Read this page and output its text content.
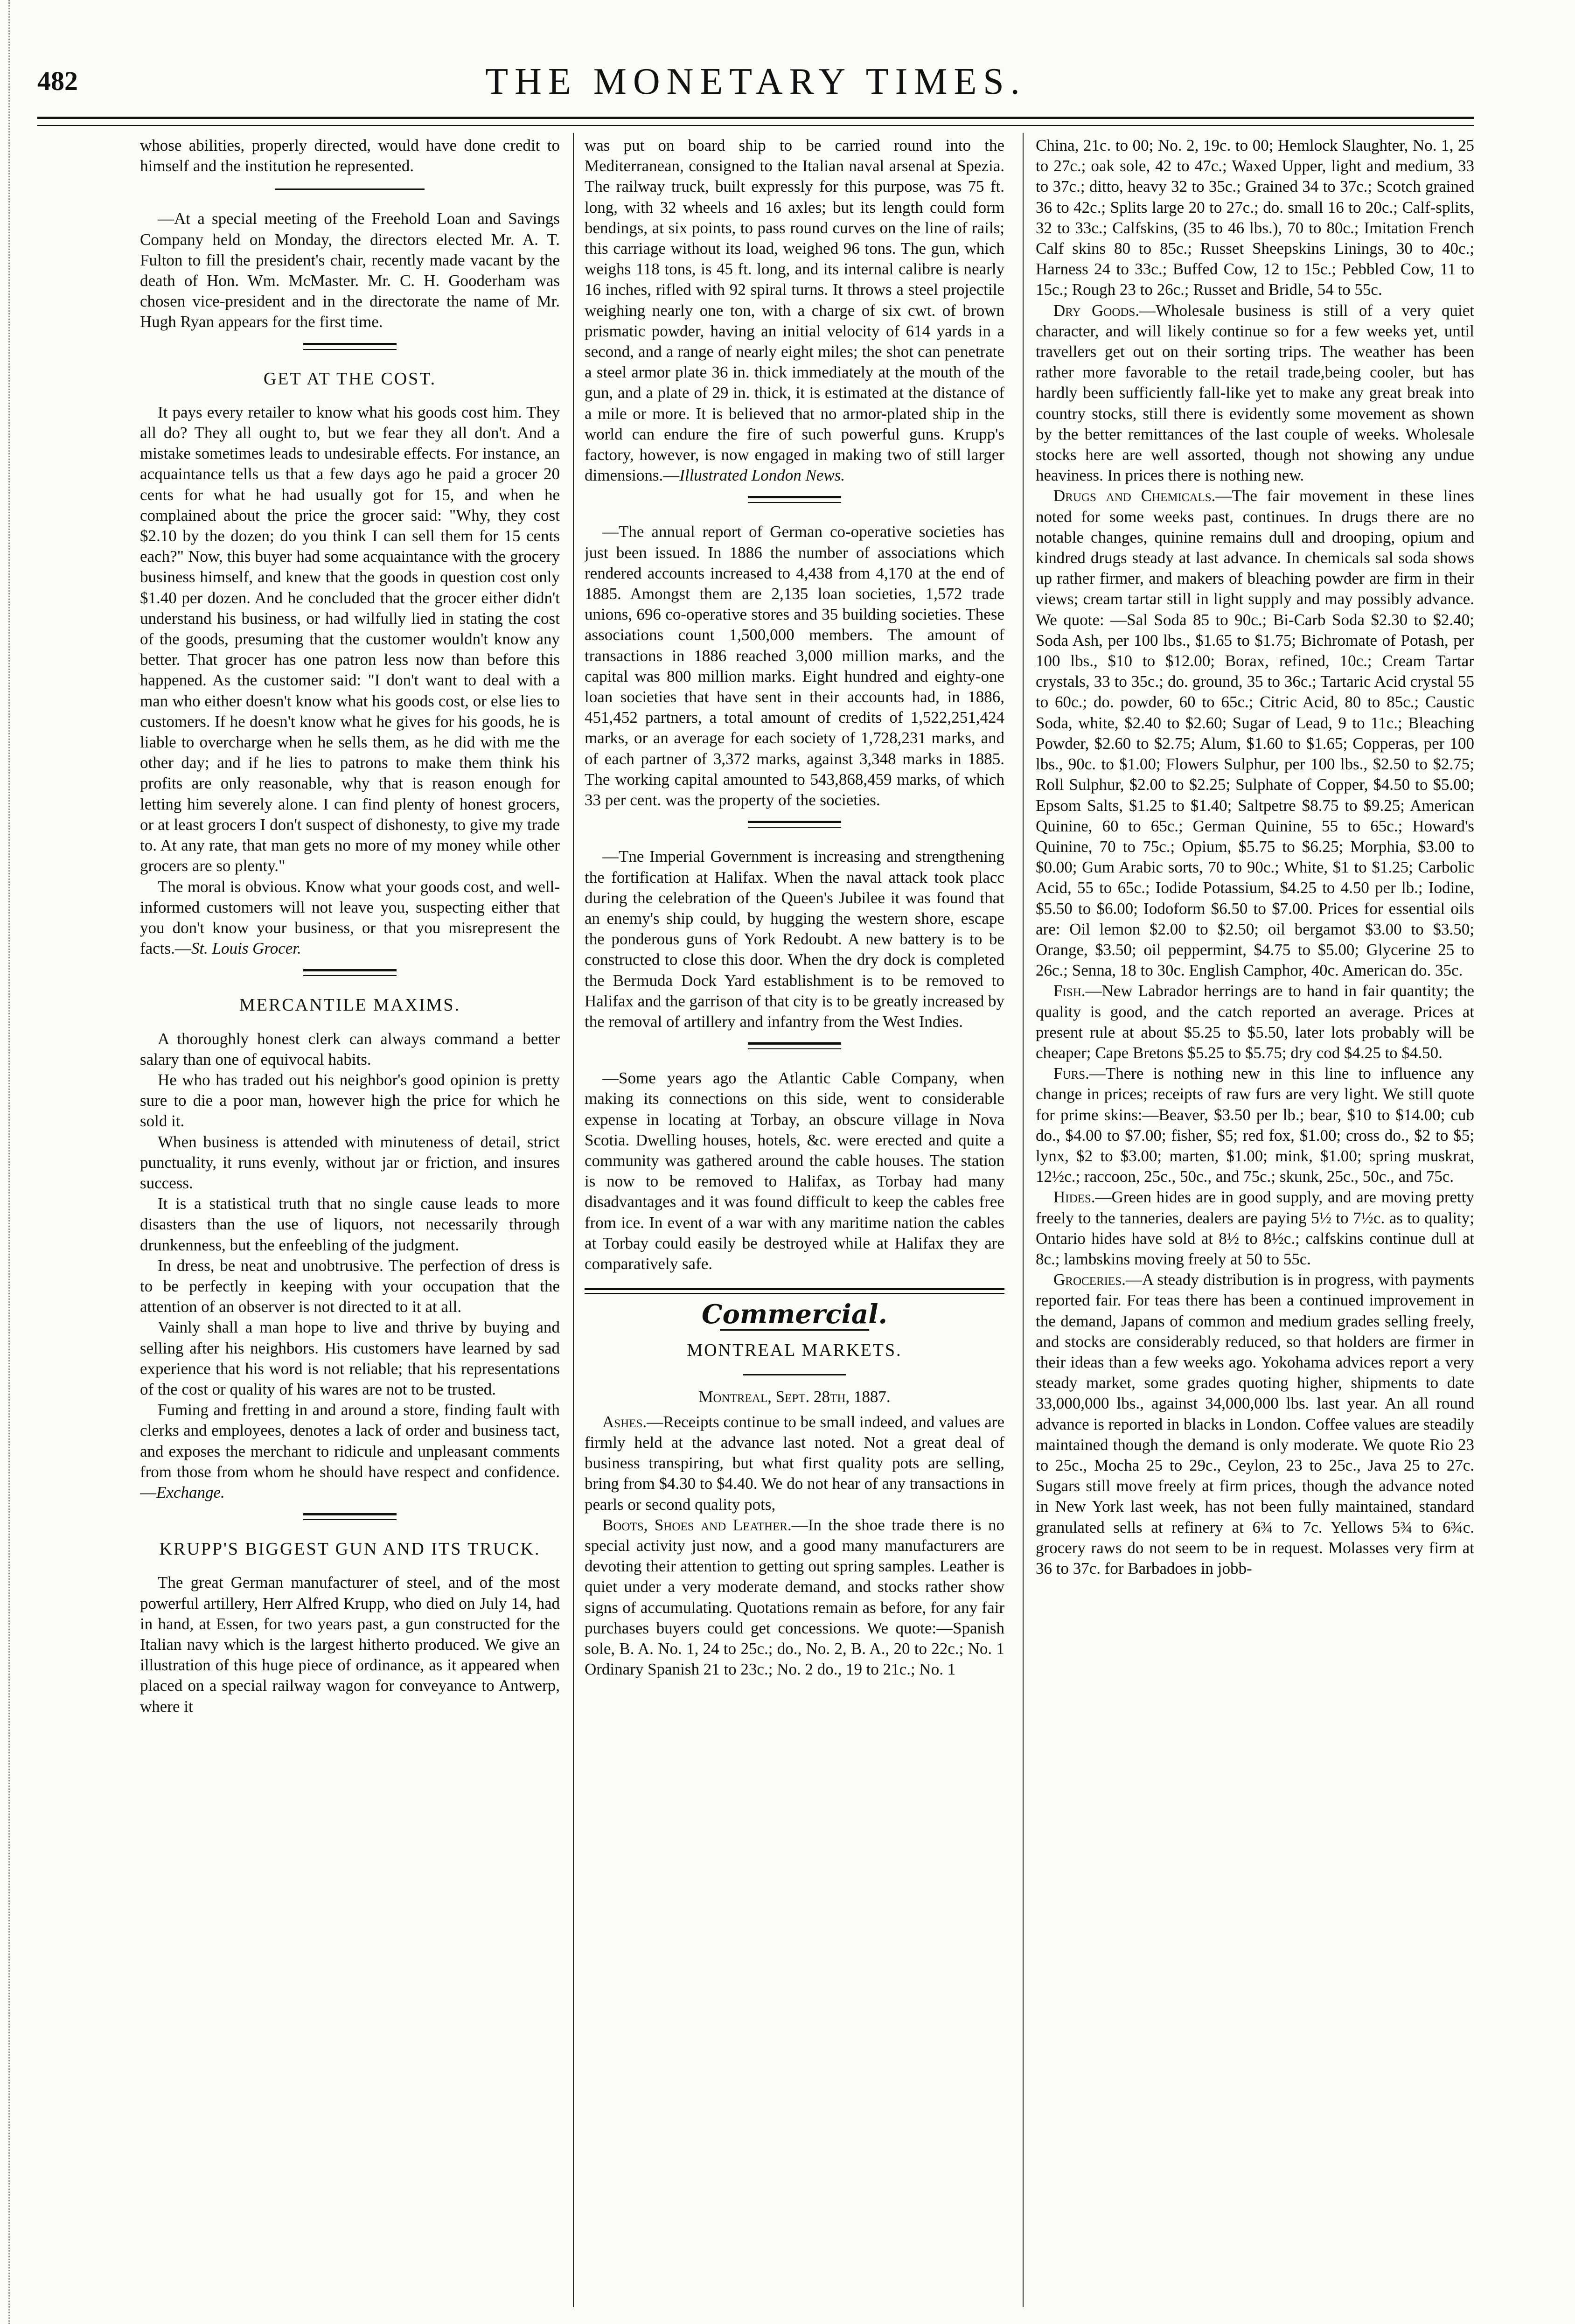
482	THE MONETARY TIMES.

whose abilities, properly directed, would have done credit to himself and the institution he represented.

—At a special meeting of the Freehold Loan and Savings Company held on Monday, the directors elected Mr. A. T. Fulton to fill the president's chair, recently made vacant by the death of Hon. Wm. McMaster. Mr. C. H. Gooderham was chosen vice-president and in the directorate the name of Mr. Hugh Ryan appears for the first time.

GET AT THE COST.

It pays every retailer to know what his goods cost him. They all do? They all ought to, but we fear they all don't. And a mistake sometimes leads to undesirable effects. For instance, an acquaintance tells us that a few days ago he paid a grocer 20 cents for what he had usually got for 15, and when he complained about the price the grocer said: "Why, they cost $2.10 by the dozen; do you think I can sell them for 15 cents each?" Now, this buyer had some acquaintance with the grocery business himself, and knew that the goods in question cost only $1.40 per dozen. And he concluded that the grocer either didn't understand his business, or had wilfully lied in stating the cost of the goods, presuming that the customer wouldn't know any better. That grocer has one patron less now than before this happened. As the customer said: "I don't want to deal with a man who either doesn't know what his goods cost, or else lies to customers. If he doesn't know what he gives for his goods, he is liable to overcharge when he sells them, as he did with me the other day; and if he lies to patrons to make them think his profits are only reasonable, why that is reason enough for letting him severely alone. I can find plenty of honest grocers, or at least grocers I don't suspect of dishonesty, to give my trade to. At any rate, that man gets no more of my money while other grocers are so plenty."

The moral is obvious. Know what your goods cost, and well-informed customers will not leave you, suspecting either that you don't know your business, or that you misrepresent the facts.—St. Louis Grocer.

MERCANTILE MAXIMS.

A thoroughly honest clerk can always command a better salary than one of equivocal habits.

He who has traded out his neighbor's good opinion is pretty sure to die a poor man, however high the price for which he sold it.

When business is attended with minuteness of detail, strict punctuality, it runs evenly, without jar or friction, and insures success.

It is a statistical truth that no single cause leads to more disasters than the use of liquors, not necessarily through drunkenness, but the enfeebling of the judgment.

In dress, be neat and unobtrusive. The perfection of dress is to be perfectly in keeping with your occupation that the attention of an observer is not directed to it at all.

Vainly shall a man hope to live and thrive by buying and selling after his neighbors. His customers have learned by sad experience that his word is not reliable; that his representations of the cost or quality of his wares are not to be trusted.

Fuming and fretting in and around a store, finding fault with clerks and employees, denotes a lack of order and business tact, and exposes the merchant to ridicule and unpleasant comments from those from whom he should have respect and confidence.—Exchange.

KRUPP'S BIGGEST GUN AND ITS TRUCK.

The great German manufacturer of steel, and of the most powerful artillery, Herr Alfred Krupp, who died on July 14, had in hand, at Essen, for two years past, a gun constructed for the Italian navy which is the largest hitherto produced. We give an illustration of this huge piece of ordinance, as it appeared when placed on a special railway wagon for conveyance to Antwerp, where it

was put on board ship to be carried round into the Mediterranean, consigned to the Italian naval arsenal at Spezia. The railway truck, built expressly for this purpose, was 75 ft. long, with 32 wheels and 16 axles; but its length could form bendings, at six points, to pass round curves on the line of rails; this carriage without its load, weighed 96 tons. The gun, which weighs 118 tons, is 45 ft. long, and its internal calibre is nearly 16 inches, rifled with 92 spiral turns. It throws a steel projectile weighing nearly one ton, with a charge of six cwt. of brown prismatic powder, having an initial velocity of 614 yards in a second, and a range of nearly eight miles; the shot can penetrate a steel armor plate 36 in. thick immediately at the mouth of the gun, and a plate of 29 in. thick, it is estimated at the distance of a mile or more. It is believed that no armor-plated ship in the world can endure the fire of such powerful guns. Krupp's factory, however, is now engaged in making two of still larger dimensions.—Illustrated London News.

—The annual report of German co-operative societies has just been issued. In 1886 the number of associations which rendered accounts increased to 4,438 from 4,170 at the end of 1885. Amongst them are 2,135 loan societies, 1,572 trade unions, 696 co-operative stores and 35 building societies. These associations count 1,500,000 members. The amount of transactions in 1886 reached 3,000 million marks, and the capital was 800 million marks. Eight hundred and eighty-one loan societies that have sent in their accounts had, in 1886, 451,452 partners, a total amount of credits of 1,522,251,424 marks, or an average for each society of 1,728,231 marks, and of each partner of 3,372 marks, against 3,348 marks in 1885. The working capital amounted to 543,868,459 marks, of which 33 per cent. was the property of the societies.

—Tne Imperial Government is increasing and strengthening the fortification at Halifax. When the naval attack took placc during the celebration of the Queen's Jubilee it was found that an enemy's ship could, by hugging the western shore, escape the ponderous guns of York Redoubt. A new battery is to be constructed to close this door. When the dry dock is completed the Bermuda Dock Yard establishment is to be removed to Halifax and the garrison of that city is to be greatly increased by the removal of artillery and infantry from the West Indies.

—Some years ago the Atlantic Cable Company, when making its connections on this side, went to considerable expense in locating at Torbay, an obscure village in Nova Scotia. Dwelling houses, hotels, &c. were erected and quite a community was gathered around the cable houses. The station is now to be removed to Halifax, as Torbay had many disadvantages and it was found difficult to keep the cables free from ice. In event of a war with any maritime nation the cables at Torbay could easily be destroyed while at Halifax they are comparatively safe.

Commercial.
MONTREAL MARKETS.
Montreal, Sept. 28th, 1887.

Ashes.—Receipts continue to be small indeed, and values are firmly held at the advance last noted. Not a great deal of business transpiring, but what first quality pots are selling, bring from $4.30 to $4.40. We do not hear of any transactions in pearls or second quality pots,

Boots, Shoes and Leather.—In the shoe trade there is no special activity just now, and a good many manufacturers are devoting their attention to getting out spring samples. Leather is quiet under a very moderate demand, and stocks rather show signs of accumulating. Quotations remain as before, for any fair purchases buyers could get concessions. We quote:—Spanish sole, B. A. No. 1, 24 to 25c.; do., No. 2, B. A., 20 to 22c.; No. 1 Ordinary Spanish 21 to 23c.; No. 2 do., 19 to 21c.; No. 1

China, 21c. to 00; No. 2, 19c. to 00; Hemlock Slaughter, No. 1, 25 to 27c.; oak sole, 42 to 47c.; Waxed Upper, light and medium, 33 to 37c.; ditto, heavy 32 to 35c.; Grained 34 to 37c.; Scotch grained 36 to 42c.; Splits large 20 to 27c.; do. small 16 to 20c.; Calf-splits, 32 to 33c.; Calfskins, (35 to 46 lbs.), 70 to 80c.; Imitation French Calf skins 80 to 85c.; Russet Sheepskins Linings, 30 to 40c.; Harness 24 to 33c.; Buffed Cow, 12 to 15c.; Pebbled Cow, 11 to 15c.; Rough 23 to 26c.; Russet and Bridle, 54 to 55c.

Dry Goods.—Wholesale business is still of a very quiet character, and will likely continue so for a few weeks yet, until travellers get out on their sorting trips. The weather has been rather more favorable to the retail trade,being cooler, but has hardly been sufficiently fall-like yet to make any great break into country stocks, still there is evidently some movement as shown by the better remittances of the last couple of weeks. Wholesale stocks here are well assorted, though not showing any undue heaviness. In prices there is nothing new.

Drugs and Chemicals.—The fair movement in these lines noted for some weeks past, continues. In drugs there are no notable changes, quinine remains dull and drooping, opium and kindred drugs steady at last advance. In chemicals sal soda shows up rather firmer, and makers of bleaching powder are firm in their views; cream tartar still in light supply and may possibly advance. We quote: —Sal Soda 85 to 90c.; Bi-Carb Soda $2.30 to $2.40; Soda Ash, per 100 lbs., $1.65 to $1.75; Bichromate of Potash, per 100 lbs., $10 to $12.00; Borax, refined, 10c.; Cream Tartar crystals, 33 to 35c.; do. ground, 35 to 36c.; Tartaric Acid crystal 55 to 60c.; do. powder, 60 to 65c.; Citric Acid, 80 to 85c.; Caustic Soda, white, $2.40 to $2.60; Sugar of Lead, 9 to 11c.; Bleaching Powder, $2.60 to $2.75; Alum, $1.60 to $1.65; Copperas, per 100 lbs., 90c. to $1.00; Flowers Sulphur, per 100 lbs., $2.50 to $2.75; Roll Sulphur, $2.00 to $2.25; Sulphate of Copper, $4.50 to $5.00; Epsom Salts, $1.25 to $1.40; Saltpetre $8.75 to $9.25; American Quinine, 60 to 65c.; German Quinine, 55 to 65c.; Howard's Quinine, 70 to 75c.; Opium, $5.75 to $6.25; Morphia, $3.00 to $0.00; Gum Arabic sorts, 70 to 90c.; White, $1 to $1.25; Carbolic Acid, 55 to 65c.; Iodide Potassium, $4.25 to 4.50 per lb.; Iodine, $5.50 to $6.00; Iodoform $6.50 to $7.00. Prices for essential oils are: Oil lemon $2.00 to $2.50; oil bergamot $3.00 to $3.50; Orange, $3.50; oil peppermint, $4.75 to $5.00; Glycerine 25 to 26c.; Senna, 18 to 30c. English Camphor, 40c. American do. 35c.

Fish.—New Labrador herrings are to hand in fair quantity; the quality is good, and the catch reported an average. Prices at present rule at about $5.25 to $5.50, later lots probably will be cheaper; Cape Bretons $5.25 to $5.75; dry cod $4.25 to $4.50.

Furs.—There is nothing new in this line to influence any change in prices; receipts of raw furs are very light. We still quote for prime skins:—Beaver, $3.50 per lb.; bear, $10 to $14.00; cub do., $4.00 to $7.00; fisher, $5; red fox, $1.00; cross do., $2 to $5; lynx, $2 to $3.00; marten, $1.00; mink, $1.00; spring muskrat, 12½c.; raccoon, 25c., 50c., and 75c.; skunk, 25c., 50c., and 75c.

Hides.—Green hides are in good supply, and are moving pretty freely to the tanneries, dealers are paying 5½ to 7½c. as to quality; Ontario hides have sold at 8½ to 8½c.; calfskins continue dull at 8c.; lambskins moving freely at 50 to 55c.

Groceries.—A steady distribution is in progress, with payments reported fair. For teas there has been a continued improvement in the demand, Japans of common and medium grades selling freely, and stocks are considerably reduced, so that holders are firmer in their ideas than a few weeks ago. Yokohama advices report a very steady market, some grades quoting higher, shipments to date 33,000,000 lbs., against 34,000,000 lbs. last year. An all round advance is reported in blacks in London. Coffee values are steadily maintained though the demand is only moderate. We quote Rio 23 to 25c., Mocha 25 to 29c., Ceylon, 23 to 25c., Java 25 to 27c. Sugars still move freely at firm prices, though the advance noted in New York last week, has not been fully maintained, standard granulated sells at refinery at 6¾ to 7c. Yellows 5¾ to 6¾c. grocery raws do not seem to be in request. Molasses very firm at 36 to 37c. for Barbadoes in jobb-
